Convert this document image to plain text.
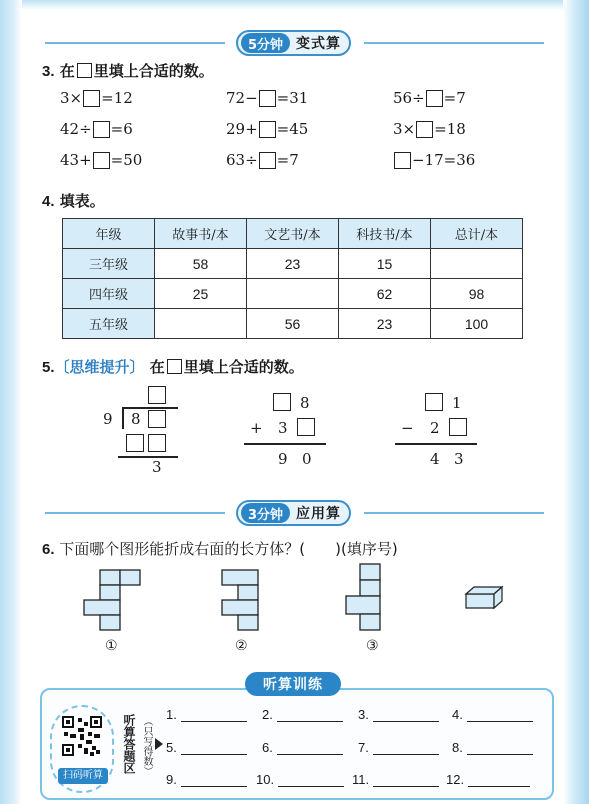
5分钟 变式算
3. 在 里填上合适的数。
3× =12	72− =31	56÷ =7
42÷ =6	29+ =45	3× =18
43+ =50	63÷ =7	−17=36
4. 填表。
年级	故事书/本	文艺书/本	科技书/本	总计/本
三年级	58	23	15	
四年级	25		62	98
五年级		56	23	100
5.〔思维提升〕 在 里填上合适的数。
9 8
3
8
+ 3
9 0
1
− 2
4 3
3分钟 应用算
6. 下面哪个图形能折成右面的长方体？(　　)(填序号)
①	②	③
听算训练
扫码听算
听算答题区 （只写得数）
1.	2.	3.	4.
5.	6.	7.	8.
9.	10.	11.	12.
